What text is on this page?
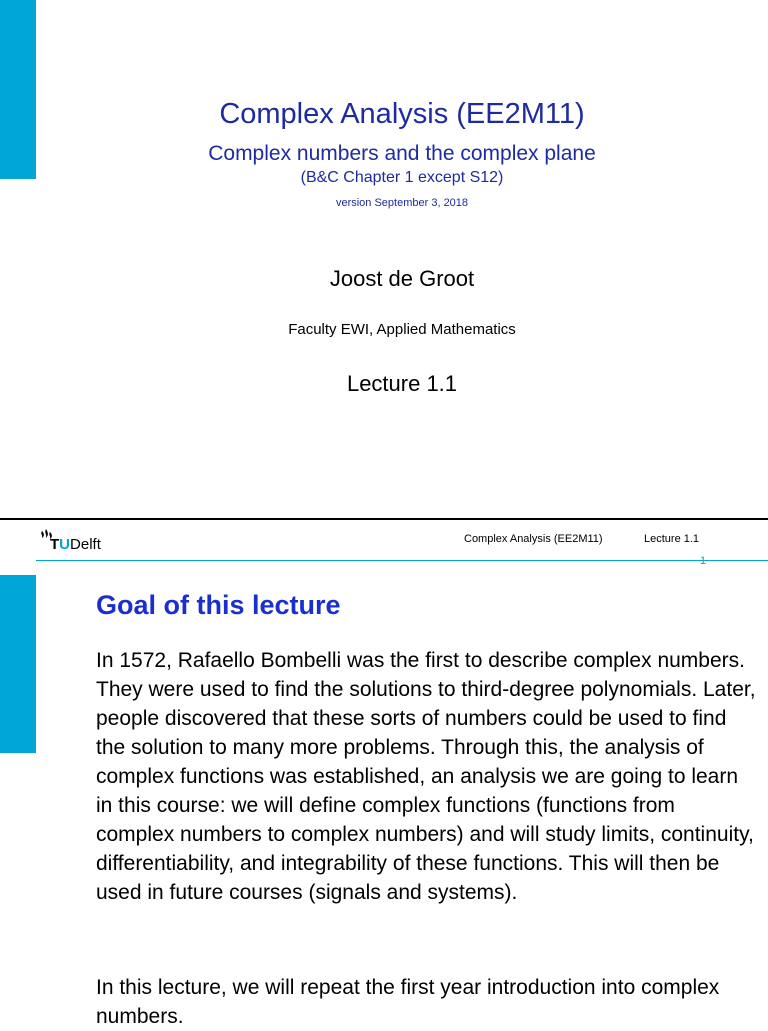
Complex Analysis (EE2M11)
Complex numbers and the complex plane
(B&C Chapter 1 except S12)
version September 3, 2018
Joost de Groot
Faculty EWI, Applied Mathematics
Lecture 1.1
TU Delft	Complex Analysis (EE2M11)	Lecture 1.1
1
Goal of this lecture
In 1572, Rafaello Bombelli was the first to describe complex numbers. They were used to find the solutions to third-degree polynomials. Later, people discovered that these sorts of numbers could be used to find the solution to many more problems. Through this, the analysis of complex functions was established, an analysis we are going to learn in this course: we will define complex functions (functions from complex numbers to complex numbers) and will study limits, continuity, differentiability, and integrability of these functions. This will then be used in future courses (signals and systems).
In this lecture, we will repeat the first year introduction into complex numbers.
